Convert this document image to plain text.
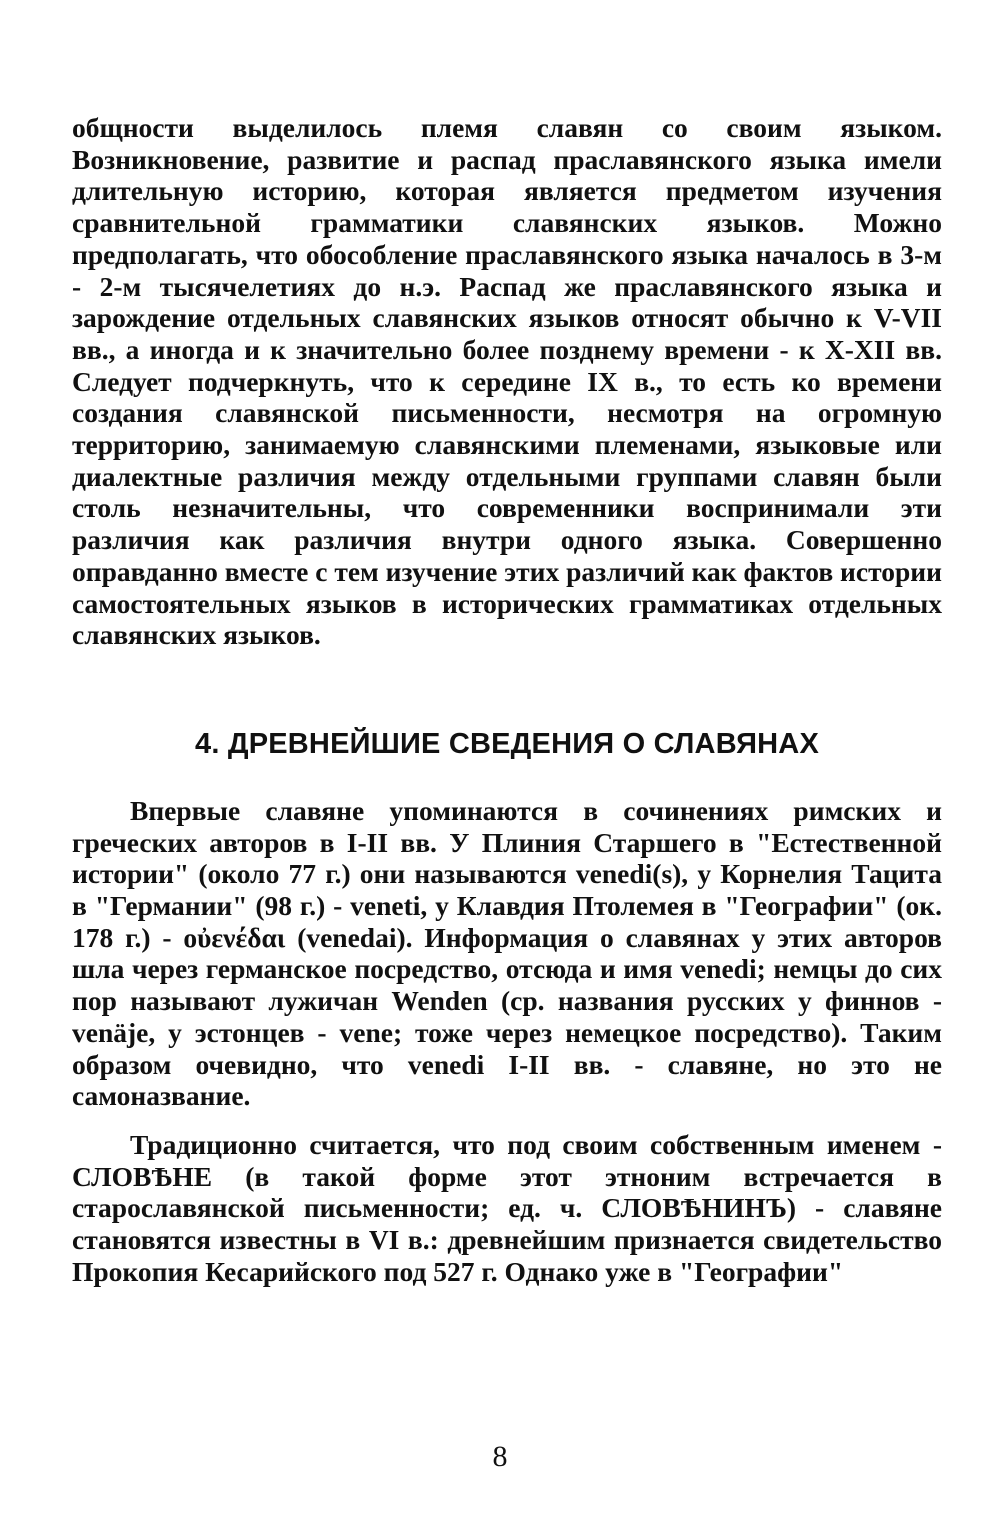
общности выделилось племя славян со своим языком. Возникновение, развитие и распад праславянского языка имели длительную историю, которая является предметом изучения сравнительной грамматики славянских языков. Можно предполагать, что обособление праславянского языка началось в 3-м - 2-м тысячелетиях до н.э. Распад же праславянского языка и зарождение отдельных славянских языков относят обычно к V-VII вв., а иногда и к значительно более позднему времени - к X-XII вв. Следует подчеркнуть, что к середине IX в., то есть ко времени создания славянской письменности, несмотря на огромную территорию, занимаемую славянскими племенами, языковые или диалектные различия между отдельными группами славян были столь незначительны, что современники воспринимали эти различия как различия внутри одного языка. Совершенно оправданно вместе с тем изучение этих различий как фактов истории самостоятельных языков в исторических грамматиках отдельных славянских языков.

4. ДРЕВНЕЙШИЕ СВЕДЕНИЯ О СЛАВЯНАХ

Впервые славяне упоминаются в сочинениях римских и греческих авторов в I-II вв. У Плиния Старшего в "Естественной истории" (около 77 г.) они называются venedi(s), у Корнелия Тацита в "Германии" (98 г.) - veneti, у Клавдия Птолемея в "Географии" (ок. 178 г.) - οὐενέδαι (venedai). Информация о славянах у этих авторов шла через германское посредство, отсюда и имя venedi; немцы до сих пор называют лужичан Wenden (ср. названия русских у финнов - venäje, у эстонцев - vene; тоже через немецкое посредство). Таким образом очевидно, что venedi I-II вв. - славяне, но это не самоназвание.

Традиционно считается, что под своим собственным именем - СЛОВѢНЕ (в такой форме этот этноним встречается в старославянской письменности; ед. ч. СЛОВѢНИНЪ) - славяне становятся известны в VI в.: древнейшим признается свидетельство Прокопия Кесарийского под 527 г. Однако уже в "Географии"

8
